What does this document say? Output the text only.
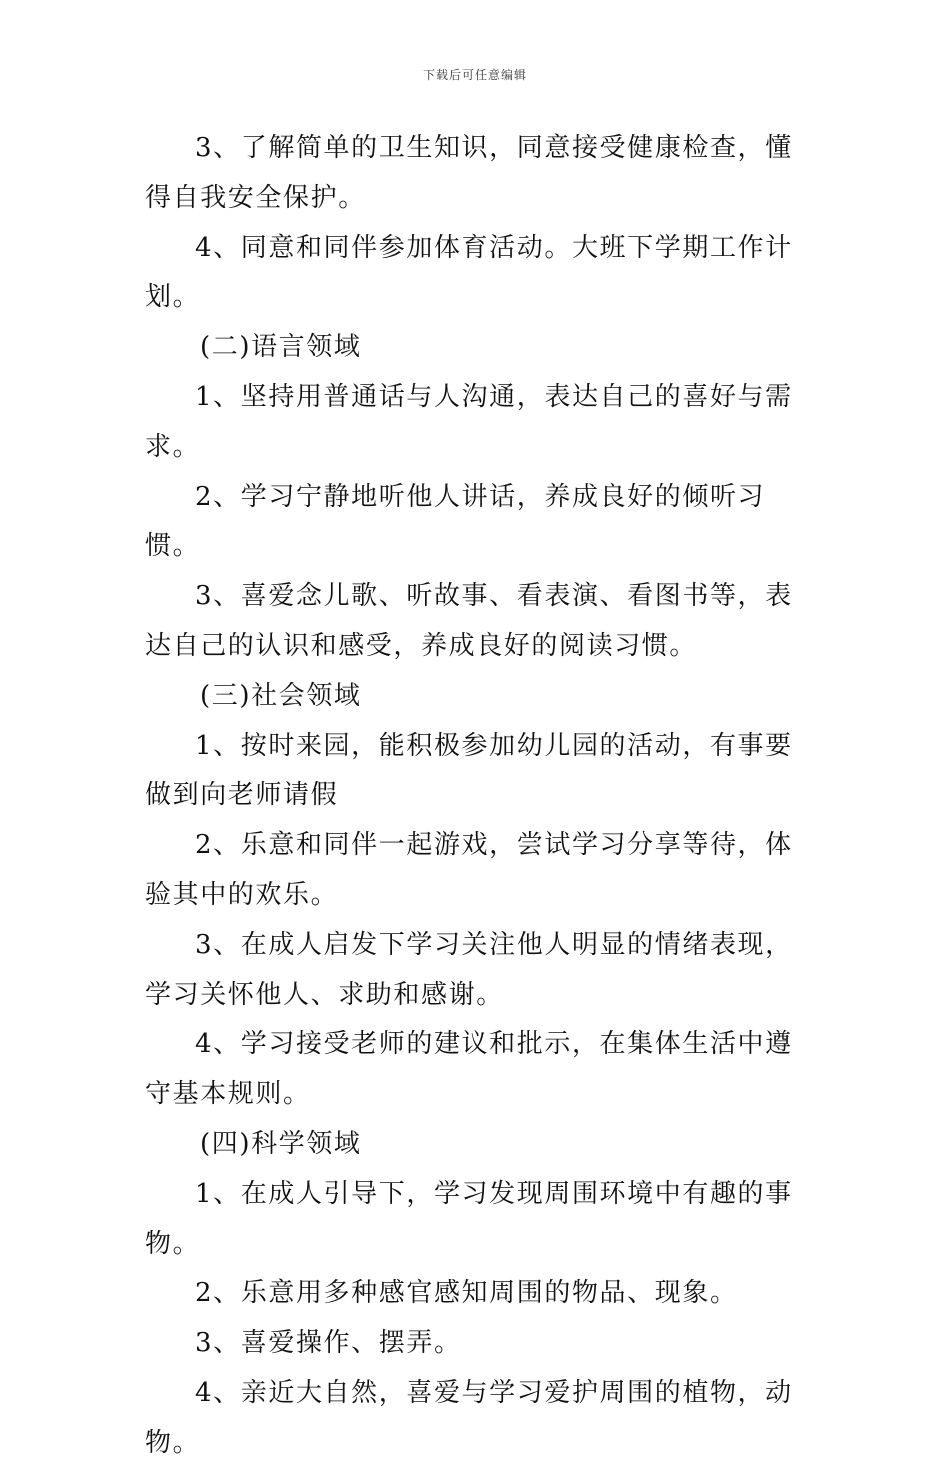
下载后可任意编辑

3、了解简单的卫生知识，同意接受健康检查，懂得自我安全保护。

4、同意和同伴参加体育活动。大班下学期工作计划。

(二)语言领域

1、坚持用普通话与人沟通，表达自己的喜好与需求。

2、学习宁静地听他人讲话，养成良好的倾听习惯。

3、喜爱念儿歌、听故事、看表演、看图书等，表达自己的认识和感受，养成良好的阅读习惯。

(三)社会领域

1、按时来园，能积极参加幼儿园的活动，有事要做到向老师请假

2、乐意和同伴一起游戏，尝试学习分享等待，体验其中的欢乐。

3、在成人启发下学习关注他人明显的情绪表现，学习关怀他人、求助和感谢。

4、学习接受老师的建议和批示，在集体生活中遵守基本规则。

(四)科学领域

1、在成人引导下，学习发现周围环境中有趣的事物。

2、乐意用多种感官感知周围的物品、现象。

3、喜爱操作、摆弄。

4、亲近大自然，喜爱与学习爱护周围的植物，动物。
